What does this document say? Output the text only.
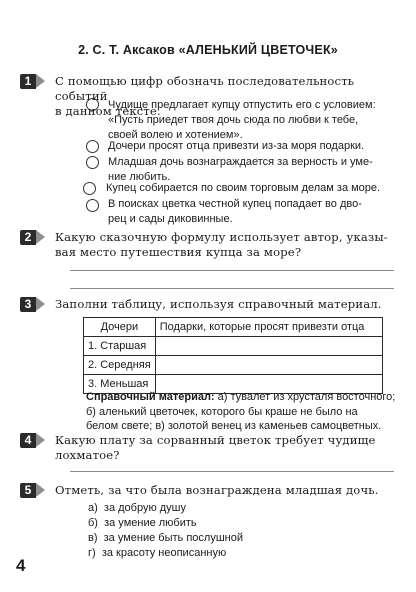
2. С. Т. Аксаков «АЛЕНЬКИЙ ЦВЕТОЧЕК»
1	С помощью цифр обозначь последовательность событий
в данном тексте.
Чудище предлагает купцу отпустить его с условием:
«Пусть приедет твоя дочь сюда по любви к тебе,
своей волею и хотением».
Дочери просят отца привезти из-за моря подарки.
Младшая дочь вознаграждается за верность и уме-
ние любить.
Купец собирается по своим торговым делам за море.
В поисках цветка честной купец попадает во дво-
рец и сады диковинные.
2	Какую сказочную формулу использует автор, указы-
вая место путешествия купца за море?
3	Заполни таблицу, используя справочный материал.
Дочери	Подарки, которые просят привезти отца
1. Старшая	
2. Середняя	
3. Меньшая	
Справочный материал: а) тувалет из хрусталя восточного;
б) аленький цветочек, которого бы краше не было на
белом свете; в) золотой венец из каменьев самоцветных.
4	Какую плату за сорванный цветок требует чудище
лохматое?
5	Отметь, за что была вознаграждена младшая дочь.
а) за добрую душу
б) за умение любить
в) за умение быть послушной
г) за красоту неописанную
4
